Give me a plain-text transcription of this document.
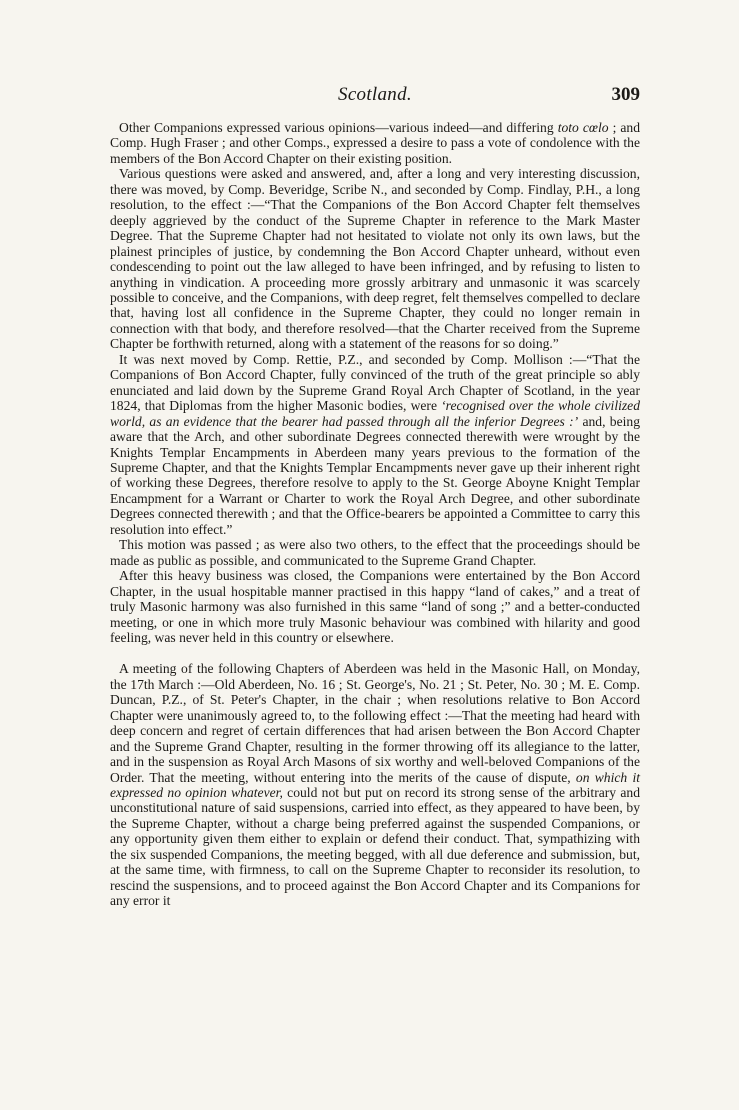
Scotland.	309

Other Companions expressed various opinions—various indeed—and differing toto cœlo ; and Comp. Hugh Fraser ; and other Comps., expressed a desire to pass a vote of condolence with the members of the Bon Accord Chapter on their existing position.

Various questions were asked and answered, and, after a long and very interesting discussion, there was moved, by Comp. Beveridge, Scribe N., and seconded by Comp. Findlay, P.H., a long resolution, to the effect :—“That the Companions of the Bon Accord Chapter felt themselves deeply aggrieved by the conduct of the Supreme Chapter in reference to the Mark Master Degree. That the Supreme Chapter had not hesitated to violate not only its own laws, but the plainest principles of justice, by condemning the Bon Accord Chapter unheard, without even condescending to point out the law alleged to have been infringed, and by refusing to listen to anything in vindication. A proceeding more grossly arbitrary and unmasonic it was scarcely possible to conceive, and the Companions, with deep regret, felt themselves compelled to declare that, having lost all confidence in the Supreme Chapter, they could no longer remain in connection with that body, and therefore resolved—that the Charter received from the Supreme Chapter be forthwith returned, along with a statement of the reasons for so doing.”

It was next moved by Comp. Rettie, P.Z., and seconded by Comp. Mollison :—“That the Companions of Bon Accord Chapter, fully convinced of the truth of the great principle so ably enunciated and laid down by the Supreme Grand Royal Arch Chapter of Scotland, in the year 1824, that Diplomas from the higher Masonic bodies, were ‘recognised over the whole civilized world, as an evidence that the bearer had passed through all the inferior Degrees :’ and, being aware that the Arch, and other subordinate Degrees connected therewith were wrought by the Knights Templar Encampments in Aberdeen many years previous to the formation of the Supreme Chapter, and that the Knights Templar Encampments never gave up their inherent right of working these Degrees, therefore resolve to apply to the St. George Aboyne Knight Templar Encampment for a Warrant or Charter to work the Royal Arch Degree, and other subordinate Degrees connected therewith ; and that the Office-bearers be appointed a Committee to carry this resolution into effect.”

This motion was passed ; as were also two others, to the effect that the proceedings should be made as public as possible, and communicated to the Supreme Grand Chapter.

After this heavy business was closed, the Companions were entertained by the Bon Accord Chapter, in the usual hospitable manner practised in this happy “land of cakes,” and a treat of truly Masonic harmony was also furnished in this same “land of song ;” and a better-conducted meeting, or one in which more truly Masonic behaviour was combined with hilarity and good feeling, was never held in this country or elsewhere.

A meeting of the following Chapters of Aberdeen was held in the Masonic Hall, on Monday, the 17th March :—Old Aberdeen, No. 16 ; St. George's, No. 21 ; St. Peter, No. 30 ; M. E. Comp. Duncan, P.Z., of St. Peter's Chapter, in the chair ; when resolutions relative to Bon Accord Chapter were unanimously agreed to, to the following effect :—That the meeting had heard with deep concern and regret of certain differences that had arisen between the Bon Accord Chapter and the Supreme Grand Chapter, resulting in the former throwing off its allegiance to the latter, and in the suspension as Royal Arch Masons of six worthy and well-beloved Companions of the Order. That the meeting, without entering into the merits of the cause of dispute, on which it expressed no opinion whatever, could not but put on record its strong sense of the arbitrary and unconstitutional nature of said suspensions, carried into effect, as they appeared to have been, by the Supreme Chapter, without a charge being preferred against the suspended Companions, or any opportunity given them either to explain or defend their conduct. That, sympathizing with the six suspended Companions, the meeting begged, with all due deference and submission, but, at the same time, with firmness, to call on the Supreme Chapter to reconsider its resolution, to rescind the suspensions, and to proceed against the Bon Accord Chapter and its Companions for any error it
